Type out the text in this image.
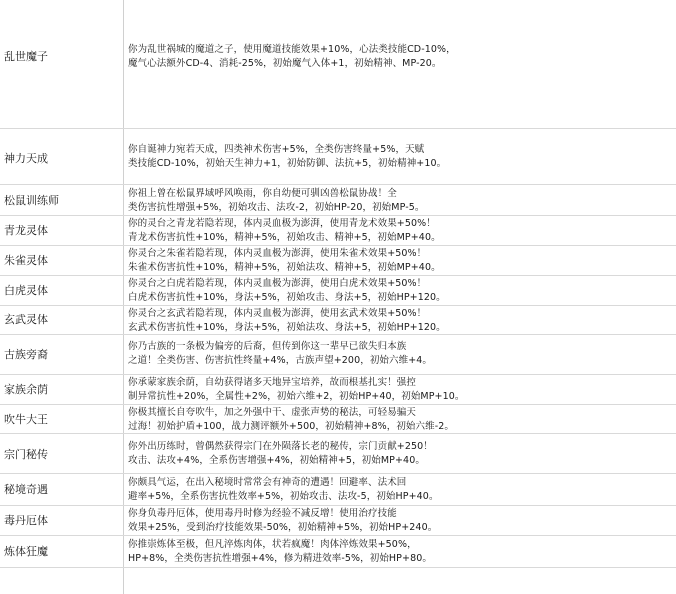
乱世魔子
你为乱世祸城的魔道之子，使用魔道技能效果+10%，心法类技能CD-10%，
魔气心法额外CD-4、消耗-25%，初始魔气入体+1，初始精神、MP-20。
神力天成
你自诞神力宛若天成，四类神术伤害+5%，全类伤害终量+5%，天赋
类技能CD-10%，初始天生神力+1，初始防御、法抗+5，初始精神+10。
松鼠训练师
你祖上曾在松鼠界域呼风唤雨，你自幼便可驯凶兽松鼠协战！全
类伤害抗性增强+5%，初始攻击、法攻-2，初始HP-20，初始MP-5。
青龙灵体
你的灵台之青龙若隐若现，体内灵血极为澎湃，使用青龙术效果+50%！
青龙术伤害抗性+10%，精神+5%，初始攻击、精神+5，初始MP+40。
朱雀灵体
你灵台之朱雀若隐若现，体内灵血极为澎湃，使用朱雀术效果+50%！
朱雀术伤害抗性+10%，精神+5%，初始法攻、精神+5，初始MP+40。
白虎灵体
你灵台之白虎若隐若现，体内灵血极为澎湃，使用白虎术效果+50%！
白虎术伤害抗性+10%，身法+5%，初始攻击、身法+5，初始HP+120。
玄武灵体	你灵台之玄武若隐若现，体内灵血极为澎湃，使用玄武术效果+50%！
玄武术伤害抗性+10%，身法+5%，初始法攻、身法+5，初始HP+120。
古族旁裔
你乃古族的一条极为偏旁的后裔，但传到你这一辈早已欲失归本族
之道！全类伤害、伤害抗性终量+4%，古族声望+200，初始六维+4。
家族余荫
你承蒙家族余荫，自幼获得诸多天地异宝培养，故而根基扎实！强控
制异常抗性+20%，全属性+2%，初始六维+2，初始HP+40，初始MP+10。
吹牛大王
你极其擅长自夸吹牛，加之外强中干、虚张声势的秘法，可轻易骗天
过海！初始护盾+100，战力测评额外+500，初始精神+8%，初始六维-2。
宗门秘传
你外出历练时，曾偶然获得宗门在外陨落长老的秘传，宗门贡献+250！
攻击、法攻+4%，全系伤害增强+4%，初始精神+5，初始MP+40。
秘境奇遇
你颇具气运，在出入秘境时常常会有神奇的遭遇！回避率、法术回
避率+5%，全系伤害抗性效率+5%，初始攻击、法攻-5，初始HP+40。
毒丹厄体
你身负毒丹厄体，使用毒丹时修为经验不减反增！使用治疗技能
效果+25%，受到治疗技能效果-50%，初始精神+5%，初始HP+240。
炼体狂魔
你推崇炼体至极，但凡淬炼肉体，状若疯魔！肉体淬炼效果+50%，
HP+8%，全类伤害抗性增强+4%，修为精进效率-5%，初始HP+80。
